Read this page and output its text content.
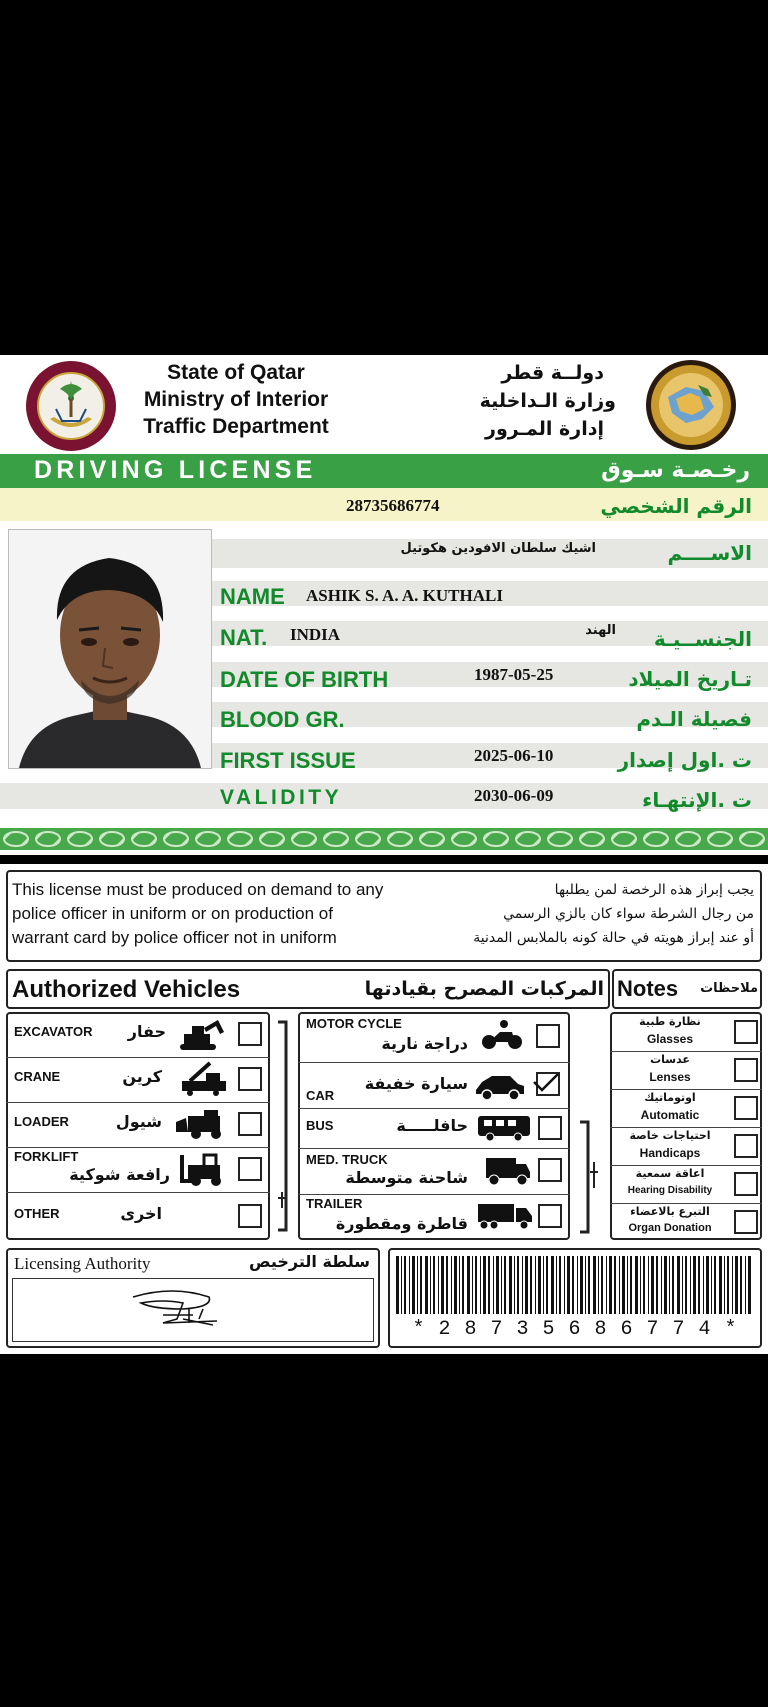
State of Qatar
Ministry of Interior
Traffic Department
دولــة قطر
وزارة الـداخلية
إدارة المـرور
DRIVING LICENSE	رخـصـة سـوق
28735686774	الرقم الشخصي
اشيك سلطان الافودين هكوتيل	الاســــم
NAME ASHIK S. A. A. KUTHALI
NAT. INDIA	الهند	الجنســيـة
DATE OF BIRTH	1987-05-25	تـاريخ الميلاد
BLOOD GR.	فصيلة الـدم
FIRST ISSUE	2025-06-10	ت .اول إصدار
VALIDITY	2030-06-09	ت .الإنتهـاء
This license must be produced on demand to any
police officer in uniform or on production of
warrant card by police officer not in uniform
يجب إبراز هذه الرخصة لمن يطلبها
من رجال الشرطة سواء كان بالزي الرسمي
أو عند إبراز هويته في حالة كونه بالملابس المدنية
Authorized Vehicles	المركبات المصرح بقيادتها Notes	ملاحظات
EXCAVATOR	حفار
CRANE	كرين
LOADER	شيول
FORKLIFT
رافعة شوكية
OTHER	اخرى
MOTOR CYCLE
دراجة نارية
CAR
سيارة خفيفة
BUS	حافلـــــة
MED. TRUCK
شاحنة متوسطة
TRAILER
قاطرة ومقطورة
نظارة طبية
Glasses
عدسات
Lenses
اوتوماتيك
Automatic
احتياجات خاصة
Handicaps
اعاقة سمعية
Hearing Disability
التبرع بالاعضاء
Organ Donation
Licensing Authority	سلطة الترخيص
* 2 8 7 3 5 6 8 6 7 7 4 *
